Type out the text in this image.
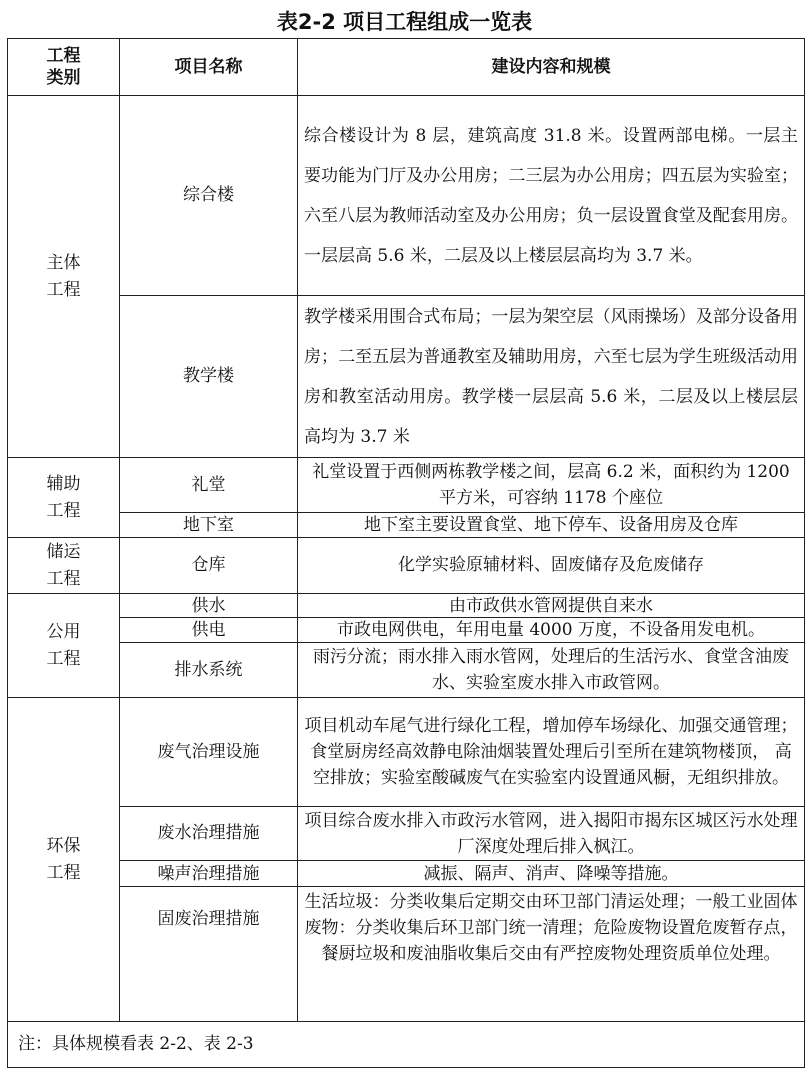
表2-2 项目工程组成一览表
工程类别	项目名称	建设内容和规模
主体工程	综合楼	综合楼设计为 8 层，建筑高度 31.8 米。设置两部电梯。一层主要功能为门厅及办公用房；二三层为办公用房；四五层为实验室；六至八层为教师活动室及办公用房；负一层设置食堂及配套用房。一层层高 5.6 米，二层及以上楼层层高均为 3.7 米。
	教学楼	教学楼采用围合式布局；一层为架空层（风雨操场）及部分设备用房；二至五层为普通教室及辅助用房，六至七层为学生班级活动用房和教室活动用房。教学楼一层层高 5.6 米，二层及以上楼层层高均为 3.7 米
辅助工程	礼堂	礼堂设置于西侧两栋教学楼之间，层高 6.2 米，面积约为 1200 平方米，可容纳 1178 个座位
	地下室	地下室主要设置食堂、地下停车、设备用房及仓库
储运工程	仓库	化学实验原辅材料、固废储存及危废储存
公用工程	供水	由市政供水管网提供自来水
	供电	市政电网供电，年用电量 4000 万度，不设备用发电机。
	排水系统	雨污分流；雨水排入雨水管网，处理后的生活污水、食堂含油废水、实验室废水排入市政管网。
环保工程	废气治理设施	项目机动车尾气进行绿化工程，增加停车场绿化、加强交通管理；食堂厨房经高效静电除油烟装置处理后引至所在建筑物楼顶， 高空排放；实验室酸碱废气在实验室内设置通风橱，无组织排放。
	废水治理措施	项目综合废水排入市政污水管网，进入揭阳市揭东区城区污水处理厂深度处理后排入枫江。
	噪声治理措施	减振、隔声、消声、降噪等措施。
	固废治理措施	生活垃圾：分类收集后定期交由环卫部门清运处理；一般工业固体废物：分类收集后环卫部门统一清理；危险废物设置危废暂存点，餐厨垃圾和废油脂收集后交由有严控废物处理资质单位处理。
注：具体规模看表 2-2、表 2-3		
